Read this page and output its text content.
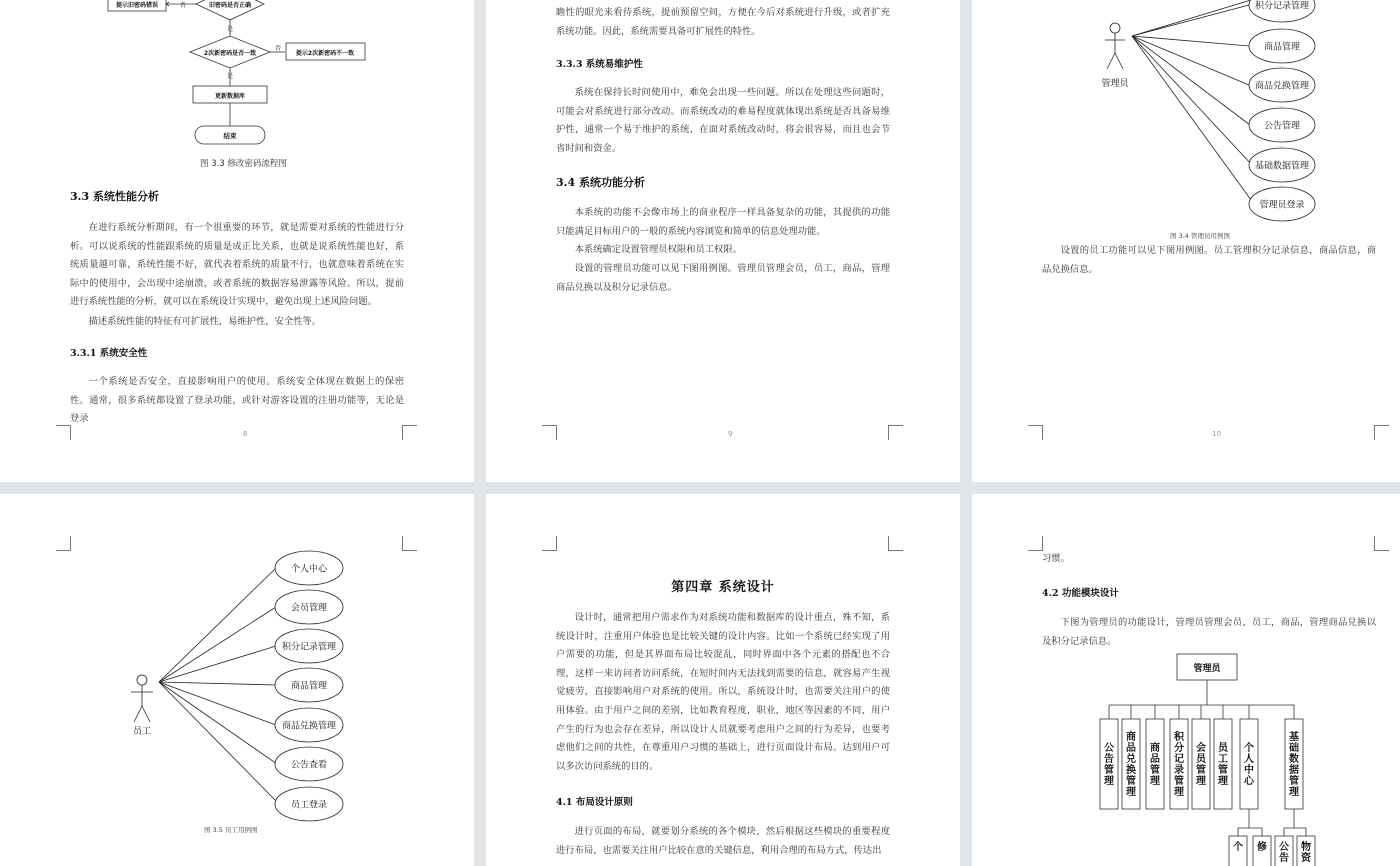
提示旧密码错误	否	旧密码是否正确
是
2次新密码是否一致
否
提示2次新密码不一致
是
更新数据库
结束
图 3.3 修改密码流程图
3.3 系统性能分析
在进行系统分析期间，有一个很重要的环节，就是需要对系统的性能进行分析。可以说系统的性能跟系统的质量是成正比关系，也就是说系统性能也好，系统质量越可靠，系统性能不好，就代表着系统的质量不行，也就意味着系统在实际中的使用中，会出现中途崩溃，或者系统的数据容易泄露等风险。所以，提前进行系统性能的分析，就可以在系统设计实现中，避免出现上述风险问题。
描述系统性能的特征有可扩展性，易维护性，安全性等。
3.3.1 系统安全性
一个系统是否安全，直接影响用户的使用。系统安全体现在数据上的保密性。通常，很多系统都设置了登录功能，或针对游客设置的注册功能等，无论是登录
8
瞻性的眼光来看待系统，提前预留空间，方便在今后对系统进行升级，或者扩充系统功能。因此，系统需要具备可扩展性的特性。
3.3.3 系统易维护性
系统在保持长时间使用中，难免会出现一些问题。所以在处理这些问题时，可能会对系统进行部分改动。而系统改动的难易程度就体现出系统是否具备易维护性，通常一个易于维护的系统，在面对系统改动时，将会很容易，而且也会节省时间和资金。
3.4 系统功能分析
本系统的功能不会像市场上的商业程序一样具备复杂的功能，其提供的功能只能满足目标用户的一般的系统内容浏览和简单的信息处理功能。
本系统确定设置管理员权限和员工权限。
设置的管理员功能可以见下图用例图。管理员管理会员，员工，商品，管理商品兑换以及积分记录信息。
9
管理员
积分记录管理
商品管理
商品兑换管理
公告管理
基础数据管理
管理员登录
图 3.4 管理员用例图
设置的员工功能可以见下图用例图。员工管理积分记录信息，商品信息，商品兑换信息。
10
员工
个人中心
会员管理
积分记录管理
商品管理
商品兑换管理
公告查看
员工登录
图 3.5 员工用例图
第四章 系统设计
设计时，通常把用户需求作为对系统功能和数据库的设计重点，殊不知，系统设计时，注重用户体验也是比较关键的设计内容。比如一个系统已经实现了用户需要的功能，但是其界面布局比较混乱，同时界面中各个元素的搭配也不合理，这样一来访问者访问系统，在短时间内无法找到需要的信息，就容易产生视觉疲劳，直接影响用户对系统的使用。所以，系统设计时，也需要关注用户的使用体验。由于用户之间的差别，比如教育程度，职业，地区等因素的不同，用户产生的行为也会存在差异，所以设计人员就要考虑用户之间的行为差异，也要考虑他们之间的共性，在尊重用户习惯的基础上，进行页面设计布局。达到用户可以多次访问系统的目的。
4.1 布局设计原则
进行页面的布局，就要划分系统的各个模块，然后根据这些模块的重要程度进行布局，也需要关注用户比较在意的关键信息，利用合理的布局方式，传达出
习惯。
4.2 功能模块设计
下图为管理员的功能设计，管理员管理会员，员工，商品，管理商品兑换以及积分记录信息。
管理员
公告管理
商品兑换管理
商品管理
积分记录管理
会员管理
员工管理
个人中心
基础数据管理
个 修 公告
物资
